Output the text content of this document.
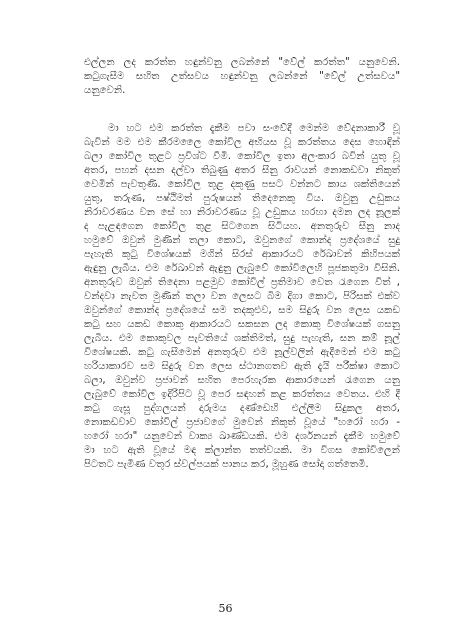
එල්ලන ලද කරත්ත හඳුන්වනු ලබන්නේ "වේල් කරත්ත" යනුවෙනි.
කටුගැසීම සහිත උත්සවය හඳුන්වනු ලබන්නේ "වේල් උත්සවය"
යනුවෙනි.
මා හට එම කරත්ත දැකීම පවා සංවේදී මෙන්ම වේදනාකාරී වූ
බැවින් මම එම කීරමලෛ කෝවිල අභියස වූ කරත්තය දෙස හොඳින්
බලා කෝවිල තුළට ප්‍රවිශ්ට වීමි. කෝවිල ඉතා අලංකාර බවින් යුතු වූ
අතර, පහන් දසන දල්වා තිබුණු අතර සීනු රාවයන් නොකඩවා නිකුත්
වෙමින් පැවතුණි. කෝවිල තුළ දකුණු පසට වන්නට කාය ශක්තියෙන්
යුතු, තරුණ, පෂ්ඨිමත් පුරුෂයන් තිදෙනෙකු විය. ඔවුනු උඩුකය
නිරාවරණය වන සේ හා නිරාවරණය වූ උඩුකය හරහා දමන ලද නූලක්
ද පැළඳගෙන කෝවිල තුළ සිටගෙන සිටියහ. අනතුරුව සීනු නාද
හමුවේ ඔවුන් මුණින් තලා කොට, ඔවුනගේ කොන්ද ප්‍රදේශයේ සුදු
පැහැති කුටු විශේෂයක් මගින් සිරස් ආකාරයට රේඛාවන් කිහිපයක්
ඇඳුනු ලැබීය. එම රේඛාවන් ඇඳුනු ලැබුවේ කෝවිලෙහි පූජකතුමා විසිනි.
අනතුරුව ඔවුන් තිදෙනා පළමුව කෝවිල් ප්‍රතිමාව වෙත රැගෙන විත් ,
වන්දවා නැවත මුණින් තලා වන ලෙසට බිම දිගා කොට, පිරිසක් එක්ව
ඔවුන්ගේ කොන්ද ප්‍රදේශයේ සම තදකුළුව, සම සිදුරු වන ලෙස යකඩ
කටු සහ යකඩ කොකු ආකාරයට සකසන ලද කොකු විශේෂයක් ගසනු
ලැබීය. එම කොකුවල පැවතියේ ශක්තිමත්, සුදු පැහැති, සන කම් නූල්
විශේෂයකි. කටු ගැසීමෙන් අනතුරුව එම නූල්වලින් ඇදීමෙන් එම කටු
හරියාකාරව සම සිදුරු වන ලෙස ස්ථානගතව ඇති දැයි පරීක්ෂා කොට
බලා, ඔවුන්ව ප්‍රජාවන් සහිත පෙරහැරක ආකාරයෙන් රැගෙන යනු
ලැබුවේ කෝවිල ඉදිරිපිට වූ පෙර සඳහන් කළ කරත්තය වෙතය. එහි දී
කටු ගැසූ පුද්ගලයන් දාරුමය දණ්ඩෙහි එල්ලීම සිදුකල අතර,
නොකඩවාව කෝවිල් ප්‍රජාවගේ මුවෙන් නිකුත් වූයේ "හරෝ හරා -
හරෝ හරා" යනුවෙන් වාක්‍ය ඛාණ්ඩයකි. එම දර්ශනයන් දැකීම හමුවේ
මා හට ඇති වූයේ මඳ ක්ලාන්ත තත්වයකි. මා විගස කෝවිලෙන්
පිටතට පැමිණ වතුර ස්වල්පයක් පානය කර, මූහුණ සෝදා ගත්තෙමි.
56
